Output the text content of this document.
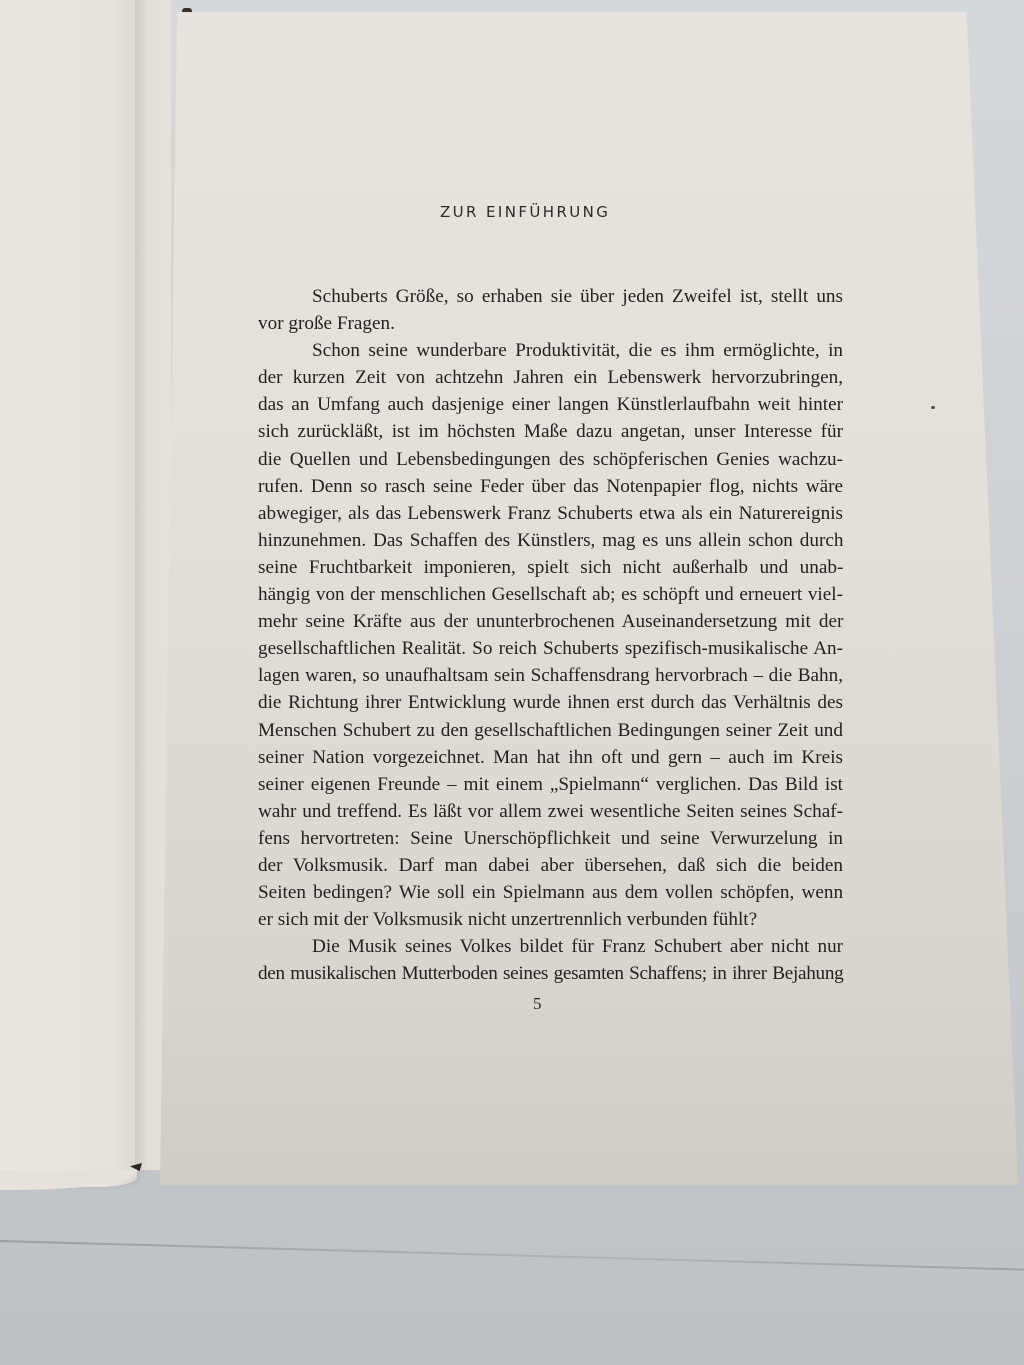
ZUR EINFÜHRUNG
Schuberts Größe, so erhaben sie über jeden Zweifel ist, stellt uns
vor große Fragen.
Schon seine wunderbare Produktivität, die es ihm ermöglichte, in
der kurzen Zeit von achtzehn Jahren ein Lebenswerk hervorzubringen,
das an Umfang auch dasjenige einer langen Künstlerlaufbahn weit hinter
sich zurückläßt, ist im höchsten Maße dazu angetan, unser Interesse für
die Quellen und Lebensbedingungen des schöpferischen Genies wachzu-
rufen. Denn so rasch seine Feder über das Notenpapier flog, nichts wäre
abwegiger, als das Lebenswerk Franz Schuberts etwa als ein Naturereignis
hinzunehmen. Das Schaffen des Künstlers, mag es uns allein schon durch
seine Fruchtbarkeit imponieren, spielt sich nicht außerhalb und unab-
hängig von der menschlichen Gesellschaft ab; es schöpft und erneuert viel-
mehr seine Kräfte aus der ununterbrochenen Auseinandersetzung mit der
gesellschaftlichen Realität. So reich Schuberts spezifisch-musikalische An-
lagen waren, so unaufhaltsam sein Schaffensdrang hervorbrach – die Bahn,
die Richtung ihrer Entwicklung wurde ihnen erst durch das Verhältnis des
Menschen Schubert zu den gesellschaftlichen Bedingungen seiner Zeit und
seiner Nation vorgezeichnet. Man hat ihn oft und gern – auch im Kreis
seiner eigenen Freunde – mit einem „Spielmann“ verglichen. Das Bild ist
wahr und treffend. Es läßt vor allem zwei wesentliche Seiten seines Schaf-
fens hervortreten: Seine Unerschöpflichkeit und seine Verwurzelung in
der Volksmusik. Darf man dabei aber übersehen, daß sich die beiden
Seiten bedingen? Wie soll ein Spielmann aus dem vollen schöpfen, wenn
er sich mit der Volksmusik nicht unzertrennlich verbunden fühlt?
Die Musik seines Volkes bildet für Franz Schubert aber nicht nur
den musikalischen Mutterboden seines gesamten Schaffens; in ihrer Bejahung
5
